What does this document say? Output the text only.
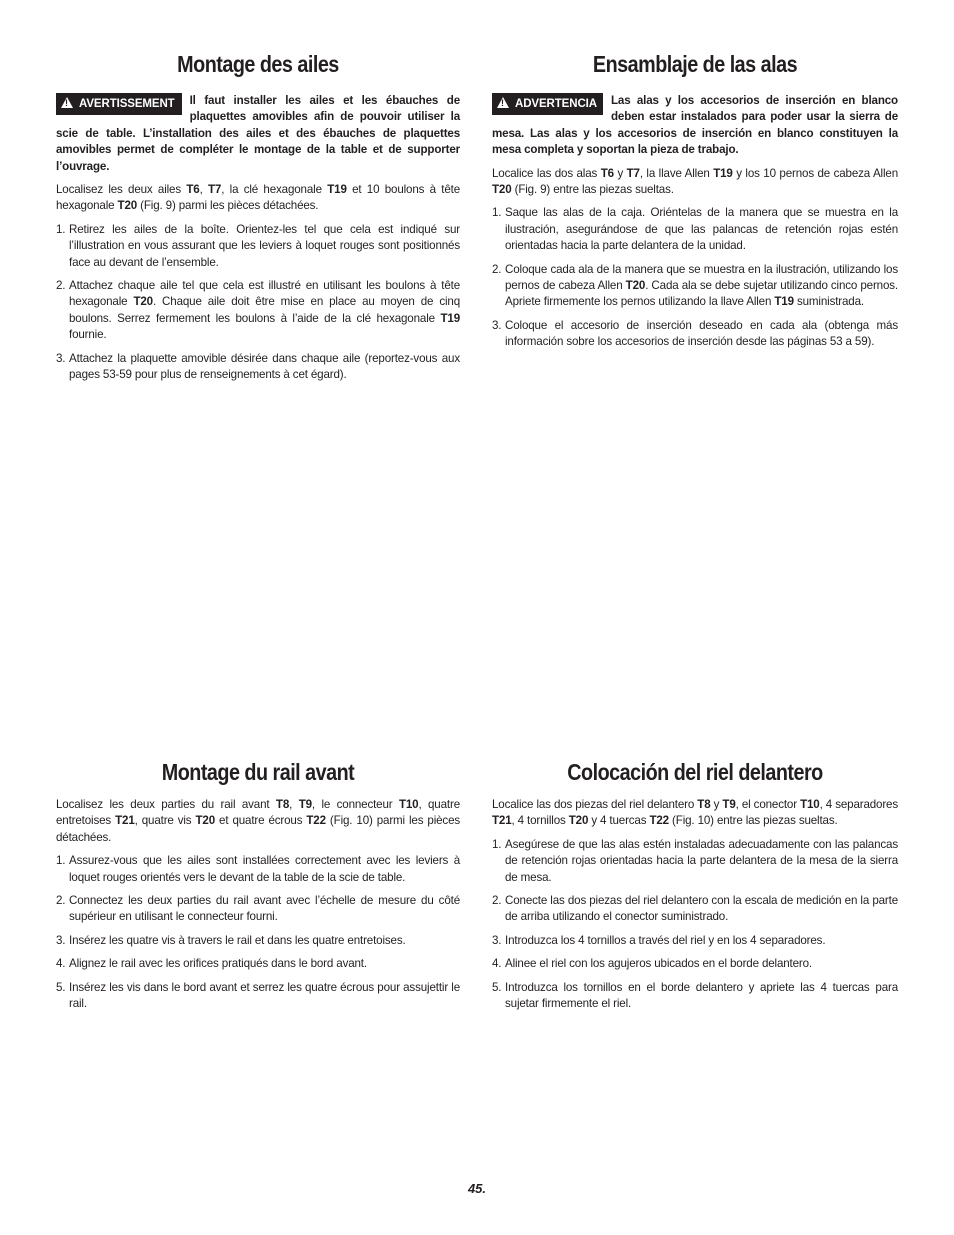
Montage des ailes
!AVERTISSEMENT	Il faut installer les ailes et les ébauches de plaquettes amovibles afin de pouvoir utiliser la scie de table. L’installation des ailes et des ébauches de plaquettes amovibles permet de compléter le montage de la table et de supporter l’ouvrage.

Localisez les deux ailes T6, T7, la clé hexagonale T19 et 10 boulons à tête hexagonale T20 (Fig. 9) parmi les pièces détachées.

1. Retirez les ailes de la boîte. Orientez-les tel que cela est indiqué sur l’illustration en vous assurant que les leviers à loquet rouges sont positionnés face au devant de l’ensemble.
2. Attachez chaque aile tel que cela est illustré en utilisant les boulons à tête hexagonale T20. Chaque aile doit être mise en place au moyen de cinq boulons. Serrez fermement les boulons à l’aide de la clé hexagonale T19 fournie.
3. Attachez la plaquette amovible désirée dans chaque aile (reportez-vous aux pages 53-59 pour plus de renseignements à cet égard).
Ensamblaje de las alas
!ADVERTENCIA	Las alas y los accesorios de inserción en blanco deben estar instalados para poder usar la sierra de mesa. Las alas y los accesorios de inserción en blanco constituyen la mesa completa y soportan la pieza de trabajo.

Localice las dos alas T6 y T7, la llave Allen T19 y los 10 pernos de cabeza Allen T20 (Fig. 9) entre las piezas sueltas.

1. Saque las alas de la caja. Oriéntelas de la manera que se muestra en la ilustración, asegurándose de que las palancas de retención rojas estén orientadas hacia la parte delantera de la unidad.
2. Coloque cada ala de la manera que se muestra en la ilustración, utilizando los pernos de cabeza Allen T20. Cada ala se debe sujetar utilizando cinco pernos. Apriete firmemente los pernos utilizando la llave Allen T19 suministrada.
3. Coloque el accesorio de inserción deseado en cada ala (obtenga más información sobre los accesorios de inserción desde las páginas 53 a 59).
Montage du rail avant

Localisez les deux parties du rail avant T8, T9, le connecteur T10, quatre entretoises T21, quatre vis T20 et quatre écrous T22 (Fig. 10) parmi les pièces détachées.

1. Assurez-vous que les ailes sont installées correctement avec les leviers à loquet rouges orientés vers le devant de la table de la scie de table.
2. Connectez les deux parties du rail avant avec l’échelle de mesure du côté supérieur en utilisant le connecteur fourni.
3. Insérez les quatre vis à travers le rail et dans les quatre entretoises.
4. Alignez le rail avec les orifices pratiqués dans le bord avant.
5. Insérez les vis dans le bord avant et serrez les quatre écrous pour assujettir le rail.
Colocación del riel delantero

Localice las dos piezas del riel delantero T8 y T9, el conector T10, 4 separadores T21, 4 tornillos T20 y 4 tuercas T22 (Fig. 10) entre las piezas sueltas.

1. Asegúrese de que las alas estén instaladas adecuadamente con las palancas de retención rojas orientadas hacia la parte delantera de la mesa de la sierra de mesa.
2. Conecte las dos piezas del riel delantero con la escala de medición en la parte de arriba utilizando el conector suministrado.
3. Introduzca los 4 tornillos a través del riel y en los 4 separadores.
4. Alinee el riel con los agujeros ubicados en el borde delantero.
5. Introduzca los tornillos en el borde delantero y apriete las 4 tuercas para sujetar firmemente el riel.
45.
